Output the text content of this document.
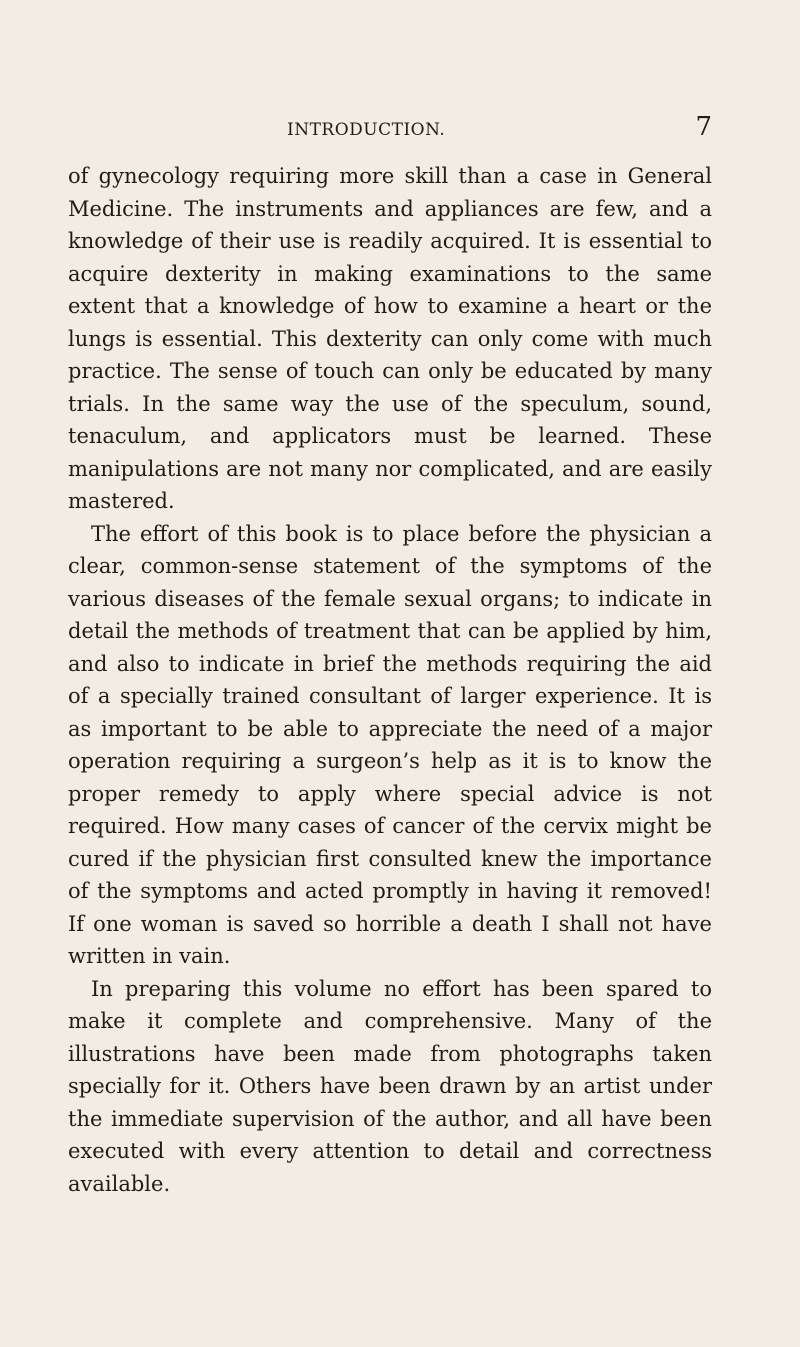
INTRODUCTION.	7

of gynecology requiring more skill than a case in General Medicine. The instruments and appliances are few, and a knowledge of their use is readily acquired. It is essential to acquire dexterity in making examinations to the same extent that a knowledge of how to examine a heart or the lungs is essential. This dexterity can only come with much practice. The sense of touch can only be educated by many trials. In the same way the use of the speculum, sound, tenaculum, and applicators must be learned. These manipulations are not many nor complicated, and are easily mastered.

The effort of this book is to place before the physician a clear, common-sense statement of the symptoms of the various diseases of the female sexual organs; to indicate in detail the methods of treatment that can be applied by him, and also to indicate in brief the methods requiring the aid of a specially trained consultant of larger experience. It is as important to be able to appreciate the need of a major operation requiring a surgeon’s help as it is to know the proper remedy to apply where special advice is not required. How many cases of cancer of the cervix might be cured if the physician first consulted knew the importance of the symptoms and acted promptly in having it removed! If one woman is saved so horrible a death I shall not have written in vain.

In preparing this volume no effort has been spared to make it complete and comprehensive. Many of the illustrations have been made from photographs taken specially for it. Others have been drawn by an artist under the immediate supervision of the author, and all have been executed with every attention to detail and correctness available.
